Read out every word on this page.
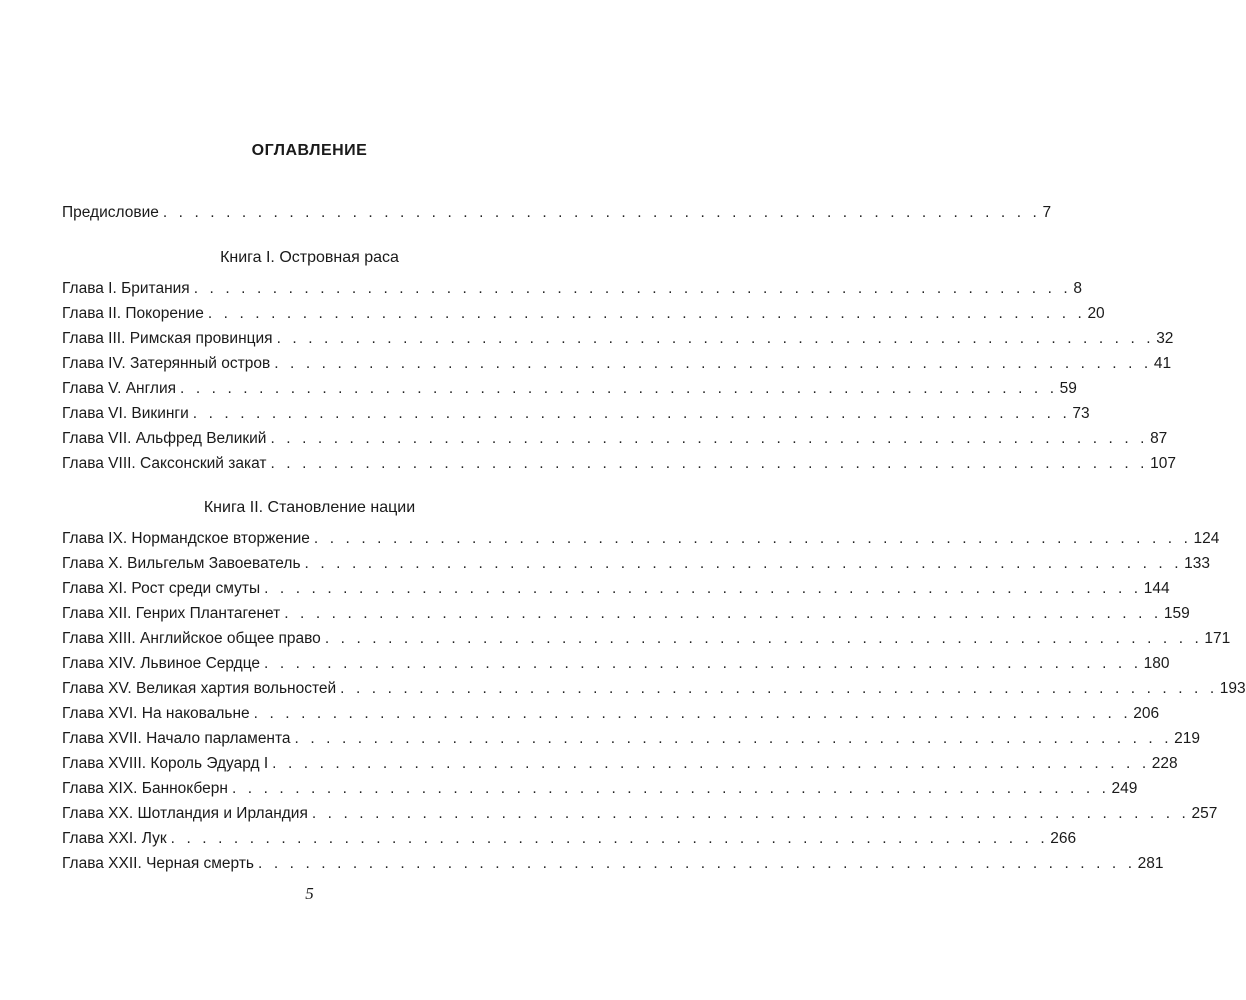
ОГЛАВЛЕНИЕ
Предисловие . . . . . . . . . . . . . . . . . . . . . . . . . . . . . . . . . . . . . . . . . . . . . . . . . . . . . . . . 7
Книга I. Островная раса
Глава I. Британия . . . . . . . . . . . . . . . . . . . . . . . . . . . . . . . . . . . . . . . . . . . . . . . . . . . . . . . . 8
Глава II. Покорение . . . . . . . . . . . . . . . . . . . . . . . . . . . . . . . . . . . . . . . . . . . . . . . . . . . . . . . . 20
Глава III. Римская провинция . . . . . . . . . . . . . . . . . . . . . . . . . . . . . . . . . . . . . . . . . . . . . . . . . . . . . . . . 32
Глава IV. Затерянный остров . . . . . . . . . . . . . . . . . . . . . . . . . . . . . . . . . . . . . . . . . . . . . . . . . . . . . . . . 41
Глава V. Англия . . . . . . . . . . . . . . . . . . . . . . . . . . . . . . . . . . . . . . . . . . . . . . . . . . . . . . . . 59
Глава VI. Викинги . . . . . . . . . . . . . . . . . . . . . . . . . . . . . . . . . . . . . . . . . . . . . . . . . . . . . . . . 73
Глава VII. Альфред Великий . . . . . . . . . . . . . . . . . . . . . . . . . . . . . . . . . . . . . . . . . . . . . . . . . . . . . . . . 87
Глава VIII. Саксонский закат . . . . . . . . . . . . . . . . . . . . . . . . . . . . . . . . . . . . . . . . . . . . . . . . . . . . . . . . 107
Книга II. Становление нации
Глава IX. Нормандское вторжение . . . . . . . . . . . . . . . . . . . . . . . . . . . . . . . . . . . . . . . . . . . . . . . . . . . . . . . . 124
Глава X. Вильгельм Завоеватель . . . . . . . . . . . . . . . . . . . . . . . . . . . . . . . . . . . . . . . . . . . . . . . . . . . . . . . . 133
Глава XI. Рост среди смуты . . . . . . . . . . . . . . . . . . . . . . . . . . . . . . . . . . . . . . . . . . . . . . . . . . . . . . . . 144
Глава XII. Генрих Плантагенет . . . . . . . . . . . . . . . . . . . . . . . . . . . . . . . . . . . . . . . . . . . . . . . . . . . . . . . . 159
Глава XIII. Английское общее право . . . . . . . . . . . . . . . . . . . . . . . . . . . . . . . . . . . . . . . . . . . . . . . . . . . . . . . . 171
Глава XIV. Львиное Сердце . . . . . . . . . . . . . . . . . . . . . . . . . . . . . . . . . . . . . . . . . . . . . . . . . . . . . . . . 180
Глава XV. Великая хартия вольностей . . . . . . . . . . . . . . . . . . . . . . . . . . . . . . . . . . . . . . . . . . . . . . . . . . . . . . . . 193
Глава XVI. На наковальне . . . . . . . . . . . . . . . . . . . . . . . . . . . . . . . . . . . . . . . . . . . . . . . . . . . . . . . . 206
Глава XVII. Начало парламента . . . . . . . . . . . . . . . . . . . . . . . . . . . . . . . . . . . . . . . . . . . . . . . . . . . . . . . . 219
Глава XVIII. Король Эдуард I . . . . . . . . . . . . . . . . . . . . . . . . . . . . . . . . . . . . . . . . . . . . . . . . . . . . . . . . 228
Глава XIX. Баннокберн . . . . . . . . . . . . . . . . . . . . . . . . . . . . . . . . . . . . . . . . . . . . . . . . . . . . . . . . 249
Глава XX. Шотландия и Ирландия . . . . . . . . . . . . . . . . . . . . . . . . . . . . . . . . . . . . . . . . . . . . . . . . . . . . . . . . 257
Глава XXI. Лук . . . . . . . . . . . . . . . . . . . . . . . . . . . . . . . . . . . . . . . . . . . . . . . . . . . . . . . . 266
Глава XXII. Черная смерть . . . . . . . . . . . . . . . . . . . . . . . . . . . . . . . . . . . . . . . . . . . . . . . . . . . . . . . . 281
5
